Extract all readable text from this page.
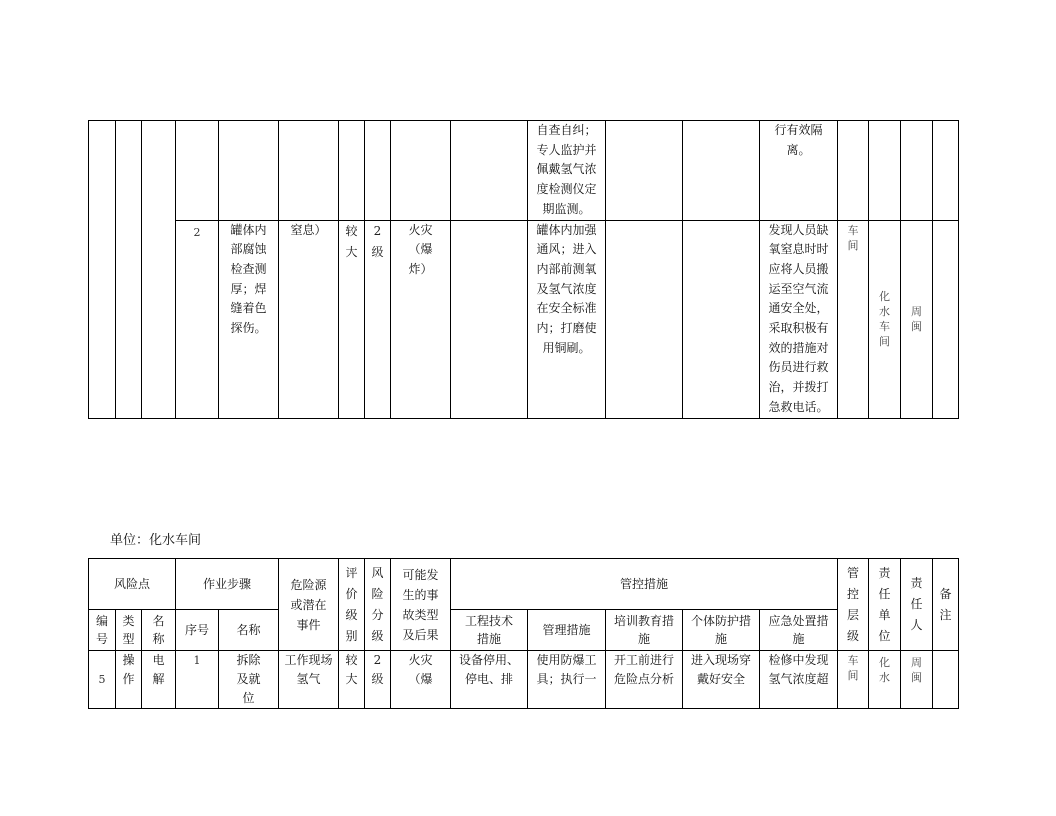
										自查自纠；专人监护并佩戴氢气浓度检测仪定期监测。			行有效隔离。				

			2	罐体内部腐蚀检查测厚；焊缝着色探伤。	窒息）	较大	2级	火灾（爆炸）		罐体内加强通风；进入内部前测氧及氢气浓度在安全标准内；打磨使用铜刷。			发现人员缺氧窒息时时应将人员搬运至空气流通安全处，采取积极有效的措施对伤员进行救治，并拨打急救电话。	车间	化水车间	周闽	

单位：化水车间
风险点			作业步骤		危险源或潜在事件	评价级别	风险分级	可能发生的事故类型及后果	管控措施					管控层级	责任单位	责任人	备注

编号	类型	名称	序号	名称					工程技术措施	管理措施	培训教育措施	个体防护措施	应急处置措施				

5	操作	电解	1	拆除及就位	工作现场氢气	较大	2级	火灾（爆	设备停用、停电、排	使用防爆工具；执行一	开工前进行危险点分析	进入现场穿戴好安全	检修中发现氢气浓度超	车间	化水	周闽	
